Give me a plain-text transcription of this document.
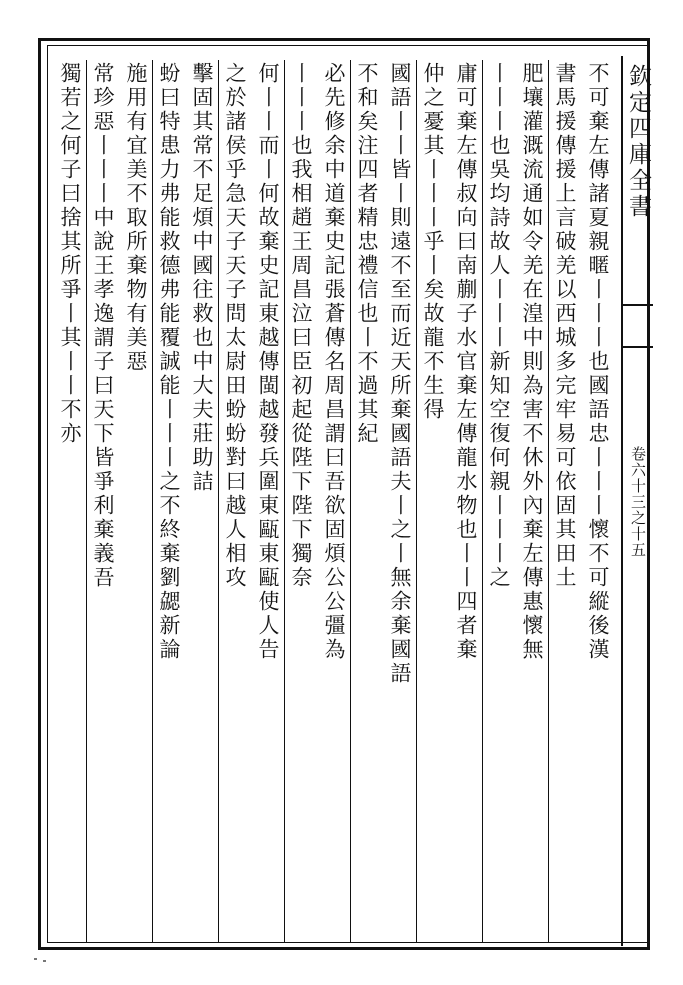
欽定四庫全書
卷六十三之十五
不可棄左傳諸夏親暱丨丨丨也國語忠丨丨丨懷不可縱後漢
書馬援傳援上言破羌以西城多完牢易可依固其田土
肥壤灌溉流通如令羌在湟中則為害不休外內棄左傳惠懷無
丨丨丨也吳均詩故人丨丨丨新知空復何親丨丨丨之
庸可棄左傳叔向曰南蒯子水官棄左傳龍水物也丨丨四者棄
仲之憂其丨丨丨乎丨矣故龍不生得
國語丨丨皆丨則遠不至而近天所棄國語夫丨之丨無余棄國語
不和矣注四者精忠禮信也丨不過其紀
必先修余中道棄史記張蒼傳名周昌謂曰吾欲固煩公公彊為
丨丨丨也我相趙王周昌泣曰臣初起從陛下陛下獨奈
何丨丨而丨何故棄史記東越傳閩越發兵圍東甌東甌使人告
之於諸侯乎急天子天子問太尉田蚡蚡對曰越人相攻
擊固其常不足煩中國往救也中大夫莊助詰
蚡曰特患力弗能救德弗能覆誠能丨丨丨之不終棄劉勰新論
施用有宜美不取所棄物有美惡
常珍惡丨丨丨中說王孝逸謂子曰天下皆爭利棄義吾
獨若之何子曰捨其所爭丨其丨丨不亦
